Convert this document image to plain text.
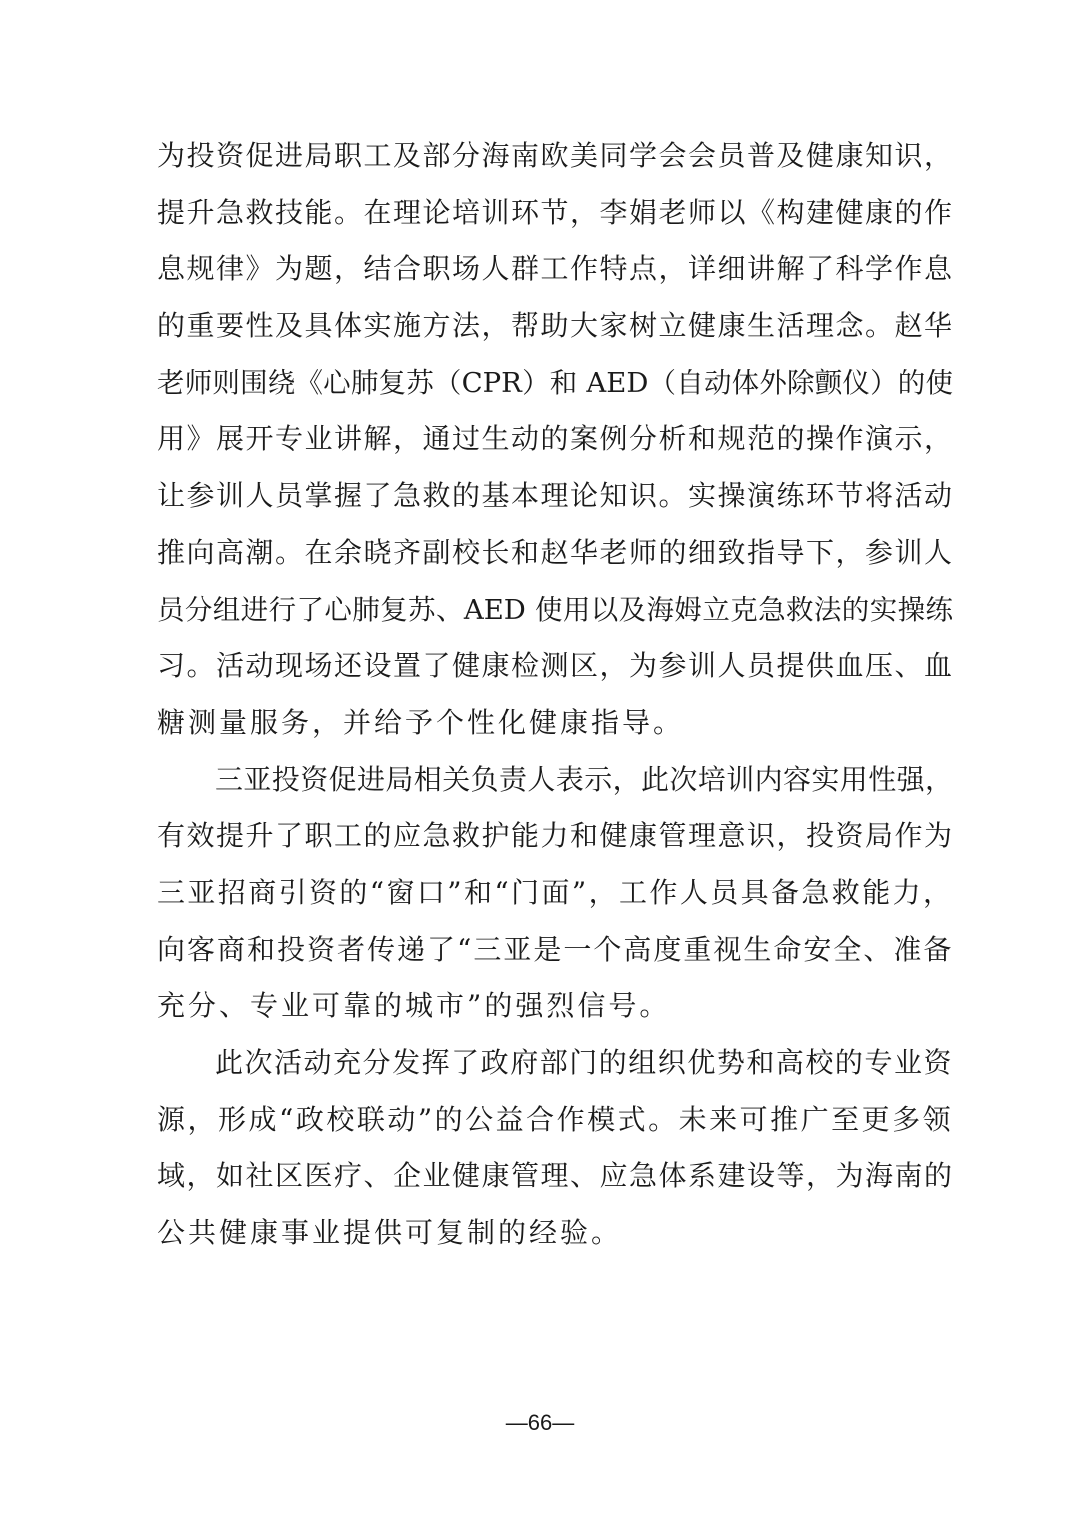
为投资促进局职工及部分海南欧美同学会会员普及健康知识，
提升急救技能。在理论培训环节，李娟老师以《构建健康的作
息规律》为题，结合职场人群工作特点，详细讲解了科学作息
的重要性及具体实施方法，帮助大家树立健康生活理念。赵华
老师则围绕《心肺复苏（CPR）和 AED（自动体外除颤仪）的使
用》展开专业讲解，通过生动的案例分析和规范的操作演示，
让参训人员掌握了急救的基本理论知识。实操演练环节将活动
推向高潮。在余晓齐副校长和赵华老师的细致指导下，参训人
员分组进行了心肺复苏、AED 使用以及海姆立克急救法的实操练
习。活动现场还设置了健康检测区，为参训人员提供血压、血
糖测量服务，并给予个性化健康指导。
三亚投资促进局相关负责人表示，此次培训内容实用性强，
有效提升了职工的应急救护能力和健康管理意识，投资局作为
三亚招商引资的“窗口”和“门面”，工作人员具备急救能力，
向客商和投资者传递了“三亚是一个高度重视生命安全、准备
充分、专业可靠的城市”的强烈信号。
此次活动充分发挥了政府部门的组织优势和高校的专业资
源，形成“政校联动”的公益合作模式。未来可推广至更多领
域，如社区医疗、企业健康管理、应急体系建设等，为海南的
公共健康事业提供可复制的经验。
—66—
